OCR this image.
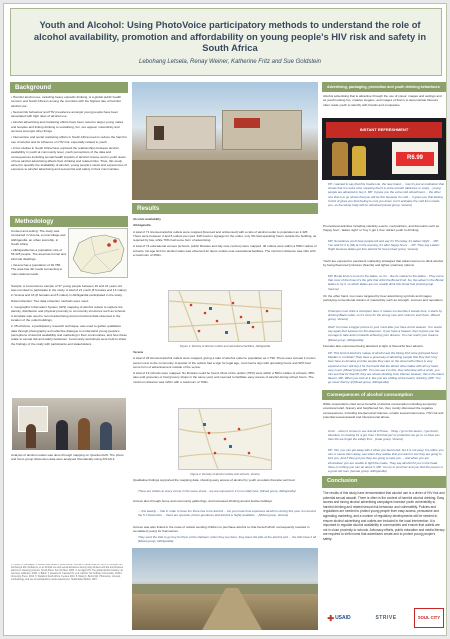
Youth and Alcohol: Using PhotoVoice participatory methods to understand the role of alcohol availability, promotion and affordability on young people's HIV risk and safety in South Africa
Lebohang Letsela, Renay Weiner, Katherine Fritz and Sue Goldstein
Background

• Harmful alcohol use, including heavy episodic drinking, is a global public health concern and South Africa is among the countries with the highest rate of harmful alcohol use.

• Sexual risk behaviour and HIV prevalence amongst young people have been associated with high rates of alcohol use.

• Alcohol advertising and marketing efforts have been noted to target young males and females and linking drinking to socialising, fun, sex appeal, masculinity and success amongst other things.

• Intervention and social marketing efforts in South Africa need to reduce the harmful use of alcohol and its influence on HIV risk, especially related to youth.

• A few studies in South Africa have explored the relationships between alcohol availability in youth at community level, youth perceptions of the data and consequences including sexual health impacts of alcohol misuse and in youth views of how alcohol advertising affects their drinking and related risks. Thus, this study aimed to quantify the availability of alcohol, young people's views and experiences of exposure to alcohol advertising and sexual risk and safety in their communities.

Methodology

Context and setting: The study was conducted in Verena, a rural village and Alkhigandla, an urban township, in South Africa.

• Alkhigandla has a population size of 56 425 people. The area has formal and informal dwellings.

• Verena has a population of 20 788. The area has dirt roads connecting to main national roads.

Sample: A convenience sample of 37 young people between 16 and 24 years old was recruited to participate in the study. A total of 21 youth (8 females and 13 males) in Verena and 16 (8 females and 8 males) in Alkhigandla participated in the study.

Data Collection: Two data collection methods were used:

1. Geographic Information System (GIS) mapping of alcohol outlets to capture the density, distribution and physical proximity to community structures such as schools. A template was used to record advertising and promotional data observed in the location of the outlet buildings.

2. PhotoVoice, a participatory research technique, was used to gather qualitative data through photography and reflective dialogue to understand young people's perceptions of alcohol availability and marketing in their communities, and how these relate to sexual risk and safety behaviour. Community workshops were held to share the findings of the study with participants and stakeholders.

Analysis of alcohol outlets was done through mapping on QuantumGIS. The photo and focus group discussion data were analysed thematically using ATLAS.ti.
1. Peltzer K, Ramlagan S. Alcohol use trends in South Africa. Journal of Social Science. 2009. 2. Morojele NK, Kachieng'a MA, Mokoko E, et al. Alcohol use and sexual behaviour among risky drinkers and bar and shebeen patrons in Gauteng province, South Africa. Soc Sci Med. 2006. 3. Jernigan DH. The global alcohol industry: an overview. Addiction. 2009. 4. Babor T, Caetano R, Casswell S, et al. Alcohol: No Ordinary Commodity. Oxford University Press. 2010. 5. Statistics South Africa. Census 2011. 6. Wang C, Burris MA. Photovoice: concept, methodology, and use for participatory needs assessment. Health Educ Behav. 1997.
Results

Alcohol availability

Alkhigandla

A total of 71 licensed alcohol outlets were mapped (licensed and unlicensed) with a ratio of alcohol outlet to population as 1:425. There were between 2 and 8 outlets per road. 34% had no signage for the outlet, only 3% had operating hours outside the building, as required by law, while 76% had some form of advertising.

A total of 74 educational venues (schools, public libraries and day care centres) were mapped. 46 outlets were within a 500m radius of schools. No age limit for alcohol sales was observed for liquor outlets near educational facilities. The minimum distance was 10m with a maximum of 450m.

Figure 1: Density of alcohol outlets and educational facilities, Alkhigandla

Verena

A total of 26 licensed alcohol outlets were mapped, giving a ratio of alcohol outlet to population as 1:799. There were at least 1 known person next to the community. A quarter of the outlets had a sign for legal age, most had a sign with operating hours and 92% had some form of advertisement outside of the venue.

A total of 19 schools were mapped. No libraries could be found. Most of the outlets (75%) were within a 500m radius of schools; 35% also sold groceries or had grocery shops in the same yard, and seemed to facilitate easy access of alcohol during school hours. The minimum distance was 120m with a maximum of 700m.

Figure 2: Density of alcohol outlets and schools, Verena
Qualitative findings supported the mapping data, showing easy access of alcohol by youth at outlets that also sell food.
There are outlets at every corner in the same street... we are exposed to it in our daily lives. [Mixed group, Alkhigandla]
Access also through home and community gatherings, and increased drinking around festive holidays.
... this weekly ... that in order to have fun there has to be alcohol ... Do you know how expensive alcohol is during this year, but around the 5-7 December ... there are specials, phone-goodness and alcohol is highly available ... [Mixed group, Verena]
Access was also linked to the noise of outlets sending children to purchase alcohol so that herself which consequently resulted in sexualised young for themselves.
They send the kids to go buy for them at the shebeen; when they are done, they leave the kids at the alcohol and ... the kids have it all [Mixed group, Alkhigandla]
Advertising, packaging, promotion and youth drinking behaviours
Alcohol advertising that is attractive through the use of colour, images and settings and as youth looking fun, creative slogans, and images of that is to demonstrate flavours often made youth to identify with brands and companies.
INSTANT REFRESHMENT
R6.99
PP: I wanted to say that this Castle Lite, the new brand ... now it's just an indication that shows that it is extra cold, meaning that it is extra smooth (delicious or crisp)... young people are attracted to buy it. MP: It gives you the extra cold refreshment ... the other one that is to go shows that you will be fine because it's cold ... it gives you that feeling. It kind of gives you that feeling to cool you down, but it activates the cold from inside you, so the whole body will be refreshed [mixed group, Verena]
Promotional activities including celebrity events, competitions, and discounts such as 'happy hour', 'ladies night' or 'buy 1 get 1 free' attract youth to drinking.
MP: Sometimes you'll hear people tell and say it's Thursday, it's ladies' Night ... MP: You wait for it to (fill) at in the evening, it's after happy hours ... PP: They say Ladies' Night because ladies get free alcohol for free [mixed group, Verena]
Youth are exposed to persistent marketing strategies that attract women to drink alcohol by being flavoured (mixtures (brands) and lighter (calories) options.
MP: Brutal Fruit is more for the ladies, so it's... like its market to the ladies... They come that most of the times it's the girls that drink the Brutal Fruit. So, the advert in the Brutal ladies to try it, so which ladies are not usually drink this brutal fruit [mixed group, Verena]
On the other hand, men were targeted by beer advertising symbols and images portraying conventional notions of masculinity such as strength, success and reputation.
Champion men drink a champion beer. It makes me feel like it stands here, it starts by drinking Black Label, so it's more for the strong men and I want to start them. [Mixed group, Verena]
Well! You have a bigger picture to your mind after you have drunk Heaven. You would say again that 'Heaven for the deserves'. If you have a heaven, then it gives you the courage to take action towards achieving your dreams. You can reach your dreams. [Mixed group, Alkhigandla]
Females also expressed being attracted to light or flavourful beer adverts.
FP: This kind of alcohol's makes of alcohol ask the Flying Fish wine (pictured here) Miadan or cocktails! They have a great way of attracting people that they don't buy beer here as females just like people they care on the street with Lillia it is very expensive but I will buy it for the brand that the attract other ladies with all my heart, very much. [Mixed group] MP: You can see it in this, they advertise with a smile, you can see that for that FP, they are shown drinking Cab, Flavour Heaven, this is the latest flavour. MP: When you look at it, like you are chilling at the beach, drinking. [MP: You go never find by it] [Mixed group, Alkhigandla]
Consequences of alcohol consumption
While respondents cited some benefits of alcohol consumption including temporary emotional relief, bravery and heightened fun, they mostly discussed the negative consequences, including interpersonal violence, unsafe sexual intercourse, HIV risk and potential sexual assault and interpersonal abuse.
Umm... when it comes to sex and all of those... Okay, I go to the tavern, I get drunk, therefore I'm looking for a girl, then I find that girl no protection we go to, to have sex then the we forget the safety first... [male group, Verena]
PP: Yah, you can get away with it when you feel bored, but it is not easy. It is either you can or cause them away, see when they realise that you want to sex they are going to kick you. And if they got you they are going to rape you ... and when you are intoxicated, you are unable to fight the males. They say alcohol hit you in the head, there is nothing you can do about it. MP: You try to push her and you find the person is a good old man. [female group, Alkhigandla]
Conclusion
The results of this study have demonstrated that alcohol use is a driver of HIV risk and potential sexual assault. There is often in the context of harmful alcohol drinking. Easy access and strong alcohol advertising campaigns increase youth vulnerability to harmful drinking and related sexual risk behaviour and vulnerability. Policies and regulations are needed to protect young people from easy access, persuasive and appealing marketing, and a number of regulatory developments will be needed to ensure alcohol advertising and outlets are included in the local intervention. It is important to regulate alcohol availability in communities and ensure that outlets are not in close proximity to schools. Advocacy efforts, public education and media literacy are required to shift norms that advertisers create and to protect young people's safety.
✚ USAID	STRIVE	SOUL CITY
